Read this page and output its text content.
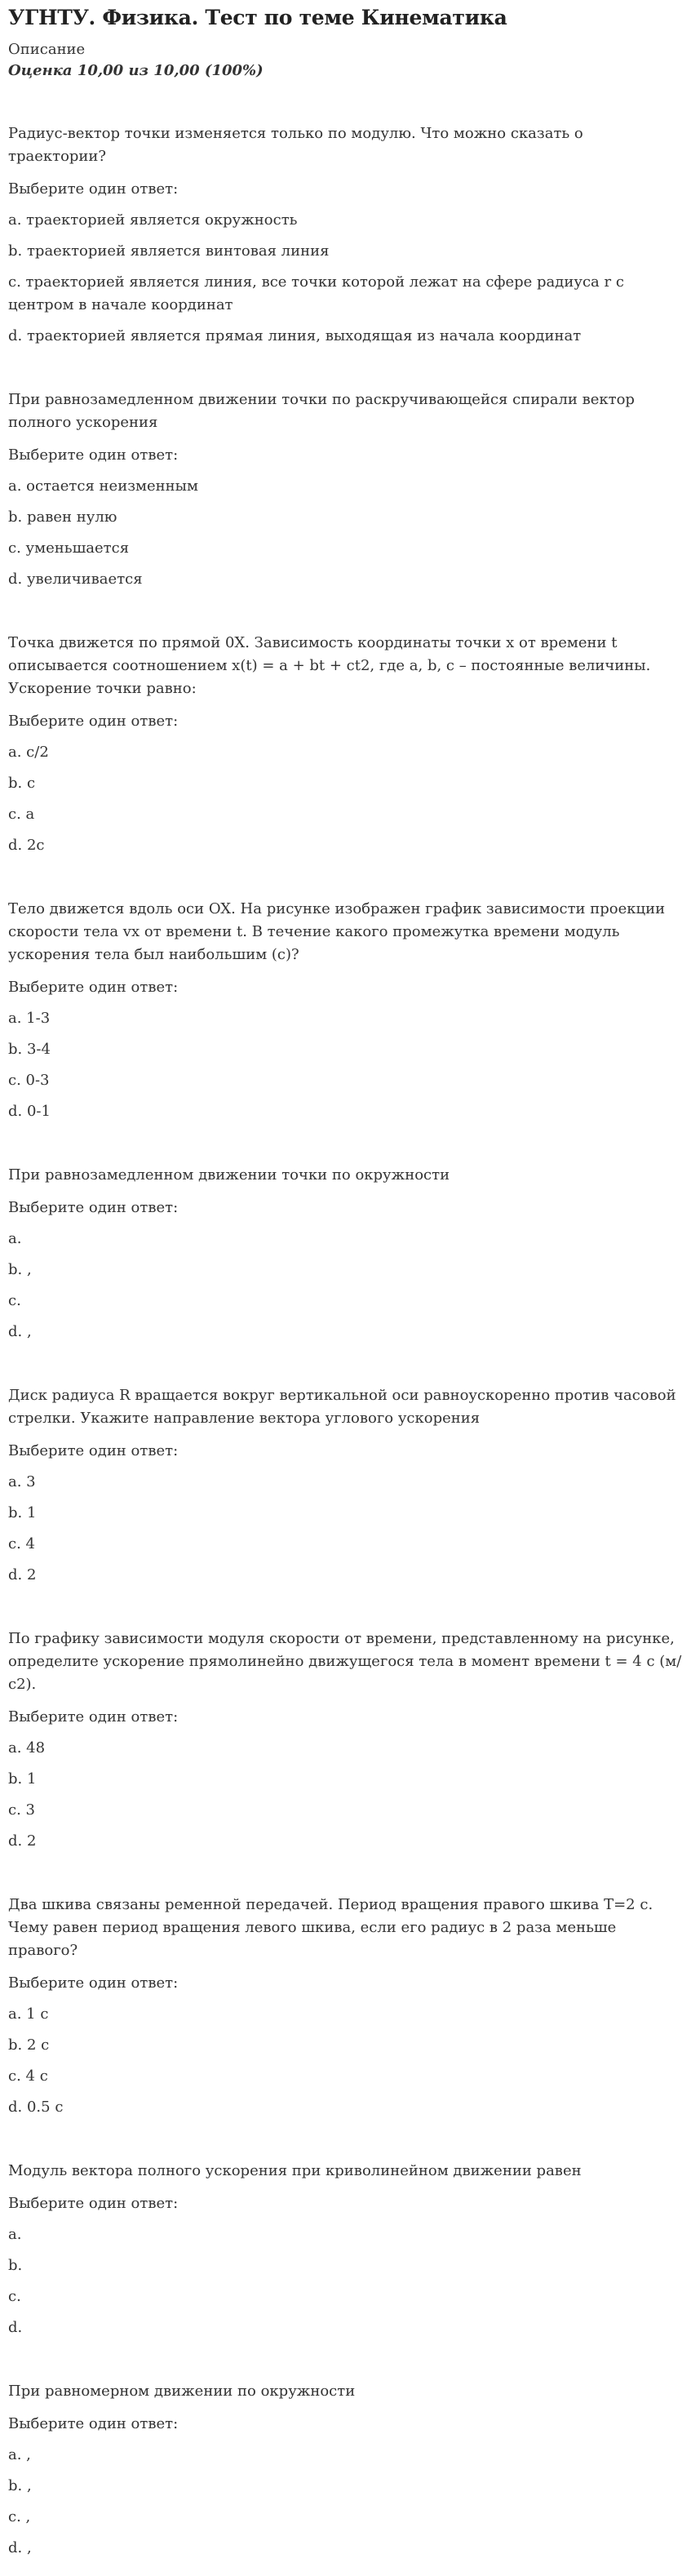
УГНТУ. Физика. Тест по теме Кинематика

Описание

Оценка 10,00 из 10,00 (100%)

Радиус-вектор точки изменяется только по модулю. Что можно сказать о траектории?

Выберите один ответ:

a. траекторией является окружность
b. траекторией является винтовая линия
c. траекторией является линия, все точки которой лежат на сфере радиуса r с центром в начале координат
d. траекторией является прямая линия, выходящая из начала координат

При равнозамедленном движении точки по раскручивающейся спирали вектор полного ускорения

Выберите один ответ:

a. остается неизменным
b. равен нулю
c. уменьшается
d. увеличивается

Точка движется по прямой 0Х. Зависимость координаты точки x от времени t описывается соотношением x(t) = a + bt + ct2, где a, b, c – постоянные величины. Ускорение точки равно:

Выберите один ответ:

a. c/2
b. c
c. a
d. 2c

Тело движется вдоль оси OX. На рисунке изображен график зависимости проекции скорости тела vx от времени t. В течение какого промежутка времени модуль ускорения тела был наибольшим (с)?

Выберите один ответ:

a. 1-3
b. 3-4
c. 0-3
d. 0-1

При равнозамедленном движении точки по окружности

Выберите один ответ:

a.
b. ,
c.
d. ,

Диск радиуса R вращается вокруг вертикальной оси равноускоренно против часовой стрелки. Укажите направление вектора углового ускорения

Выберите один ответ:

a. 3
b. 1
c. 4
d. 2

По графику зависимости модуля скорости от времени, представленному на рисунке, определите ускорение прямолинейно движущегося тела в момент времени t = 4 с (м/с2).

Выберите один ответ:

a. 48
b. 1
c. 3
d. 2

Два шкива связаны ременной передачей. Период вращения правого шкива T=2 с. Чему равен период вращения левого шкива, если его радиус в 2 раза меньше правого?

Выберите один ответ:

a. 1 с
b. 2 с
c. 4 с
d. 0.5 с

Модуль вектора полного ускорения при криволинейном движении равен

Выберите один ответ:

a.
b.
c.
d.

При равномерном движении по окружности

Выберите один ответ:

a. ,
b. ,
c. ,
d. ,
